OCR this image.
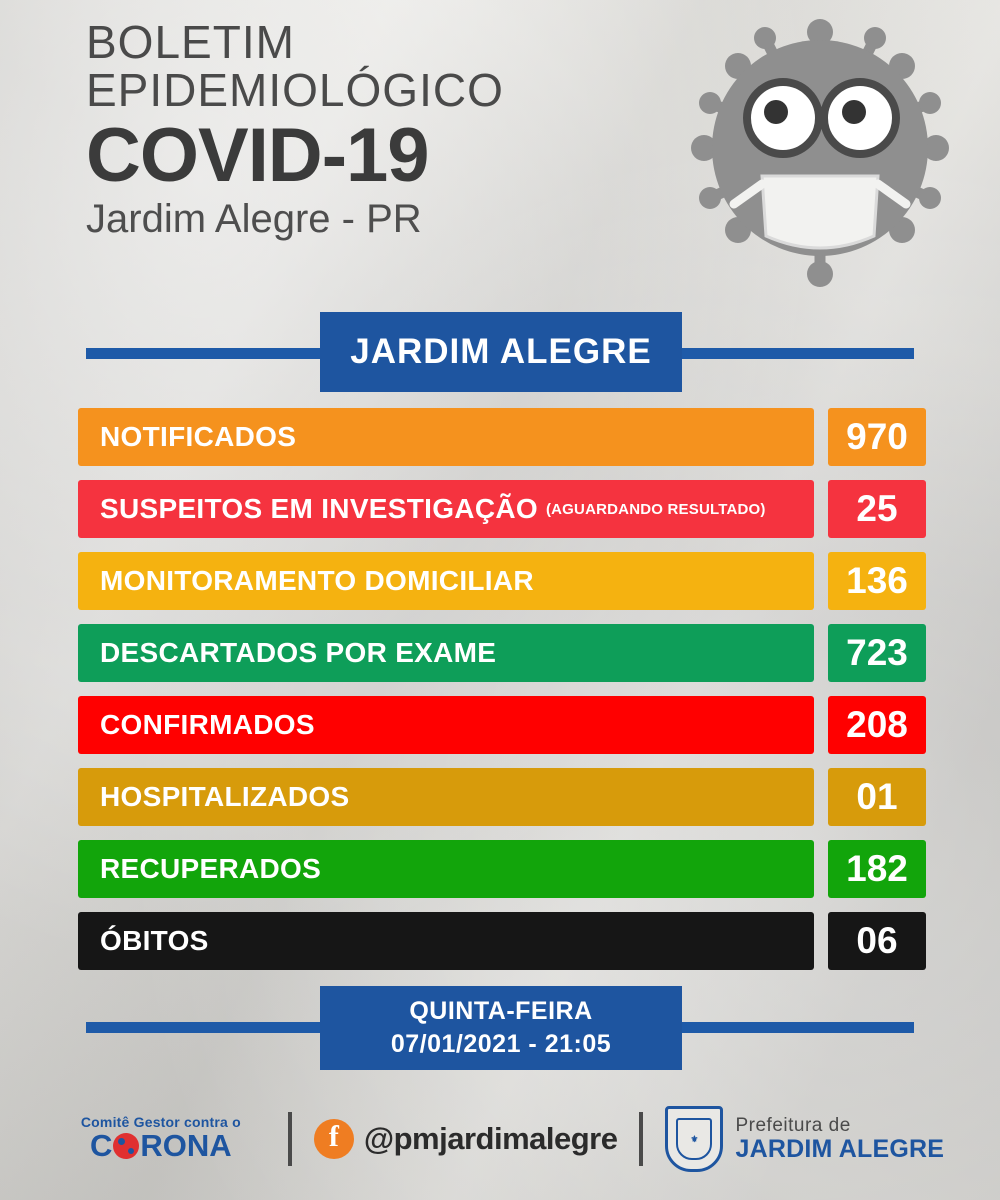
BOLETIM
EPIDEMIOLÓGICO
COVID-19
Jardim Alegre - PR
JARDIM ALEGRE
NOTIFICADOS	970
SUSPEITOS EM INVESTIGAÇÃO (AGUARDANDO RESULTADO)	25
MONITORAMENTO DOMICILIAR	136
DESCARTADOS POR EXAME	723
CONFIRMADOS	208
HOSPITALIZADOS	01
RECUPERADOS	182
ÓBITOS	06
QUINTA-FEIRA
07/01/2021 - 21:05
Comitê Gestor contra o
C RONA	f @pmjardimalegre	⚜
Prefeitura de
JARDIM ALEGRE
